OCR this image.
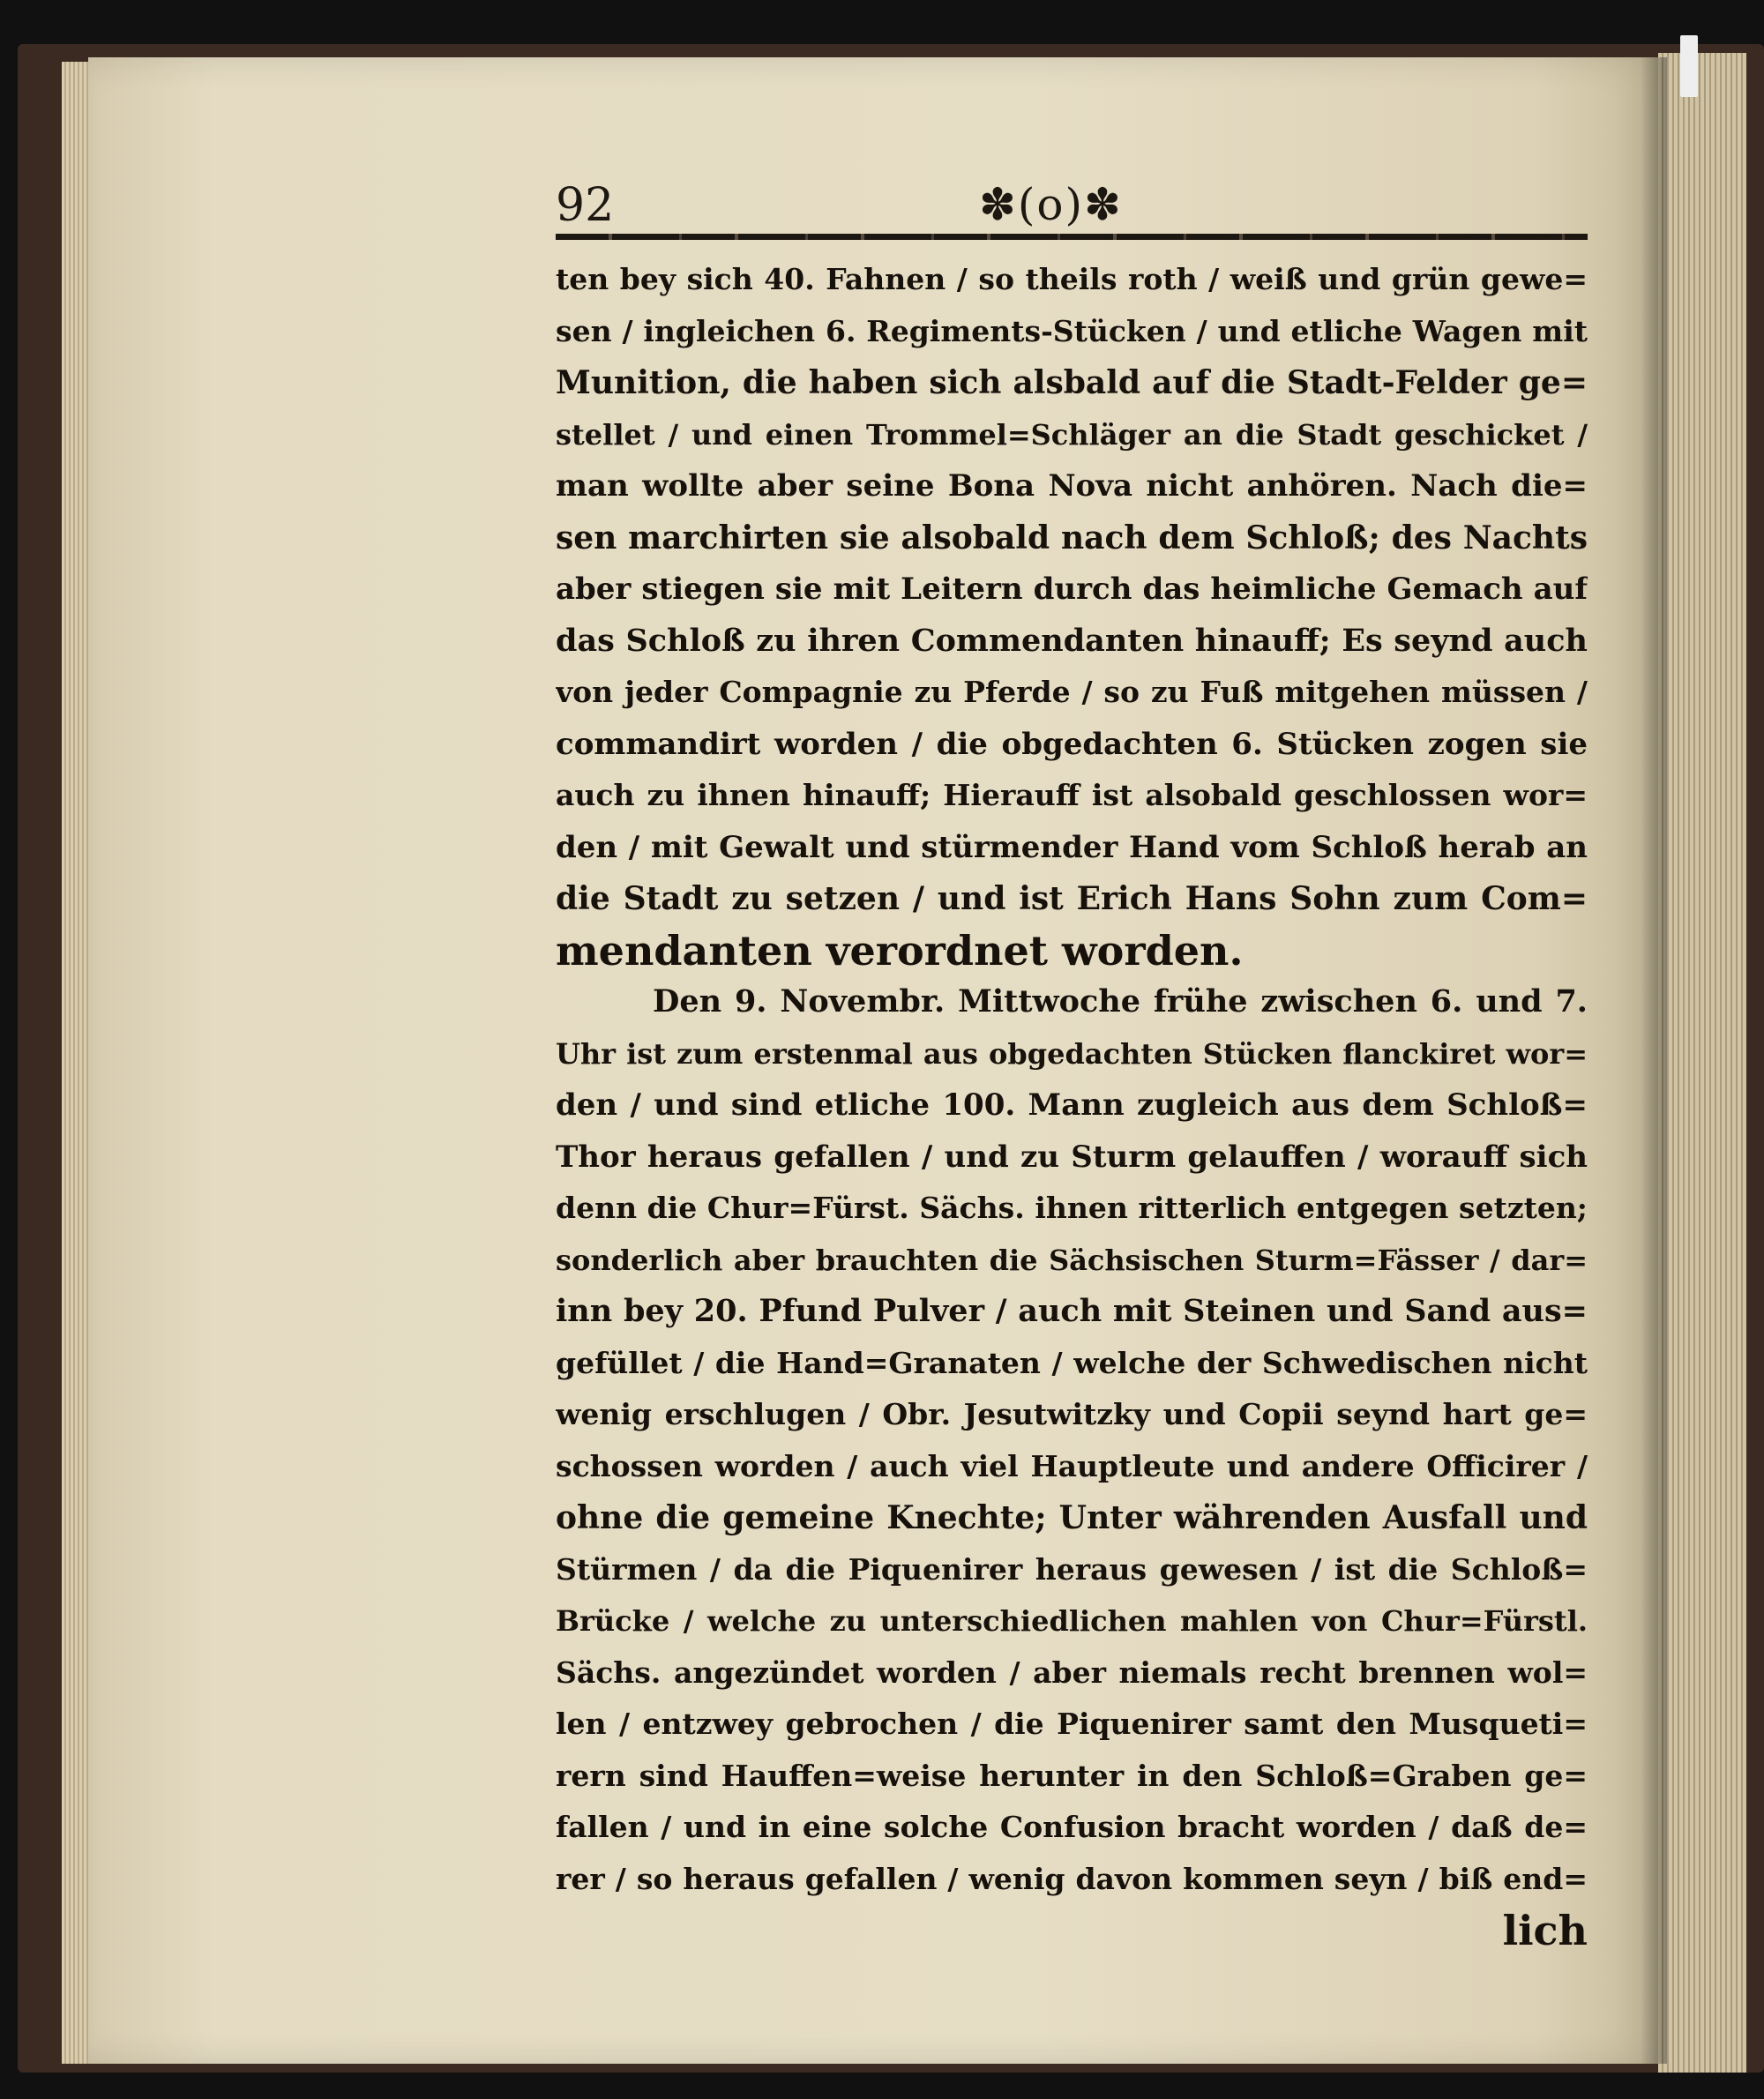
92	✽(o)✽
ten bey sich 40. Fahnen / so theils roth / weiß und grün gewe=
sen / ingleichen 6. Regiments-Stücken / und etliche Wagen mit
Munition, die haben sich alsbald auf die Stadt-Felder ge=
stellet / und einen Trommel=Schläger an die Stadt geschicket /
man wollte aber seine Bona Nova nicht anhören. Nach die=
sen marchirten sie alsobald nach dem Schloß; des Nachts
aber stiegen sie mit Leitern durch das heimliche Gemach auf
das Schloß zu ihren Commendanten hinauff; Es seynd auch
von jeder Compagnie zu Pferde / so zu Fuß mitgehen müssen /
commandirt worden / die obgedachten 6. Stücken zogen sie
auch zu ihnen hinauff; Hierauff ist alsobald geschlossen wor=
den / mit Gewalt und stürmender Hand vom Schloß herab an
die Stadt zu setzen / und ist Erich Hans Sohn zum Com=
mendanten verordnet worden.
Den 9. Novembr. Mittwoche frühe zwischen 6. und 7.
Uhr ist zum erstenmal aus obgedachten Stücken flanckiret wor=
den / und sind etliche 100. Mann zugleich aus dem Schloß=
Thor heraus gefallen / und zu Sturm gelauffen / worauff sich
denn die Chur=Fürst. Sächs. ihnen ritterlich entgegen setzten;
sonderlich aber brauchten die Sächsischen Sturm=Fässer / dar=
inn bey 20. Pfund Pulver / auch mit Steinen und Sand aus=
gefüllet / die Hand=Granaten / welche der Schwedischen nicht
wenig erschlugen / Obr. Jesutwitzky und Copii seynd hart ge=
schossen worden / auch viel Hauptleute und andere Officirer /
ohne die gemeine Knechte; Unter währenden Ausfall und
Stürmen / da die Piquenirer heraus gewesen / ist die Schloß=
Brücke / welche zu unterschiedlichen mahlen von Chur=Fürstl.
Sächs. angezündet worden / aber niemals recht brennen wol=
len / entzwey gebrochen / die Piquenirer samt den Musqueti=
rern sind Hauffen=weise herunter in den Schloß=Graben ge=
fallen / und in eine solche Confusion bracht worden / daß de=
rer / so heraus gefallen / wenig davon kommen seyn / biß end=
lich
